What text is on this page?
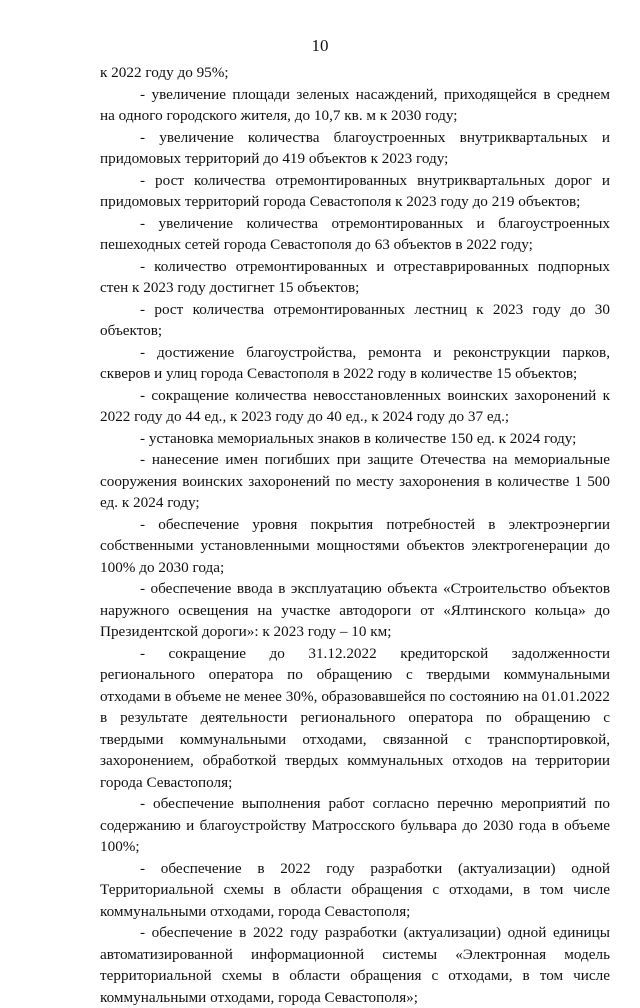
10

к 2022 году до 95%;

- увеличение площади зеленых насаждений, приходящейся в среднем на одного городского жителя, до 10,7 кв. м к 2030 году;

- увеличение количества благоустроенных внутриквартальных и придомовых территорий до 419 объектов к 2023 году;

- рост количества отремонтированных внутриквартальных дорог и придомовых территорий города Севастополя к 2023 году до 219 объектов;

- увеличение количества отремонтированных и благоустроенных пешеходных сетей города Севастополя до 63 объектов в 2022 году;

- количество отремонтированных и отреставрированных подпорных стен к 2023 году достигнет 15 объектов;

- рост количества отремонтированных лестниц к 2023 году до 30 объектов;

- достижение благоустройства, ремонта и реконструкции парков, скверов и улиц города Севастополя в 2022 году в количестве 15 объектов;

- сокращение количества невосстановленных воинских захоронений к 2022 году до 44 ед., к 2023 году до 40 ед., к 2024 году до 37 ед.;

- установка мемориальных знаков в количестве 150 ед. к 2024 году;

- нанесение имен погибших при защите Отечества на мемориальные сооружения воинских захоронений по месту захоронения в количестве 1 500 ед. к 2024 году;

- обеспечение уровня покрытия потребностей в электроэнергии собственными установленными мощностями объектов электрогенерации до 100% до 2030 года;

- обеспечение ввода в эксплуатацию объекта «Строительство объектов наружного освещения на участке автодороги от «Ялтинского кольца» до Президентской дороги»: к 2023 году – 10 км;

- сокращение до 31.12.2022 кредиторской задолженности регионального оператора по обращению с твердыми коммунальными отходами в объеме не менее 30%, образовавшейся по состоянию на 01.01.2022 в результате деятельности регионального оператора по обращению с твердыми коммунальными отходами, связанной с транспортировкой, захоронением, обработкой твердых коммунальных отходов на территории города Севастополя;

- обеспечение выполнения работ согласно перечню мероприятий по содержанию и благоустройству Матросского бульвара до 2030 года в объеме 100%;

- обеспечение в 2022 году разработки (актуализации) одной Территориальной схемы в области обращения с отходами, в том числе коммунальными отходами, города Севастополя;

- обеспечение в 2022 году разработки (актуализации) одной единицы автоматизированной информационной системы «Электронная модель территориальной схемы в области обращения с отходами, в том числе коммунальными отходами, города Севастополя»;
